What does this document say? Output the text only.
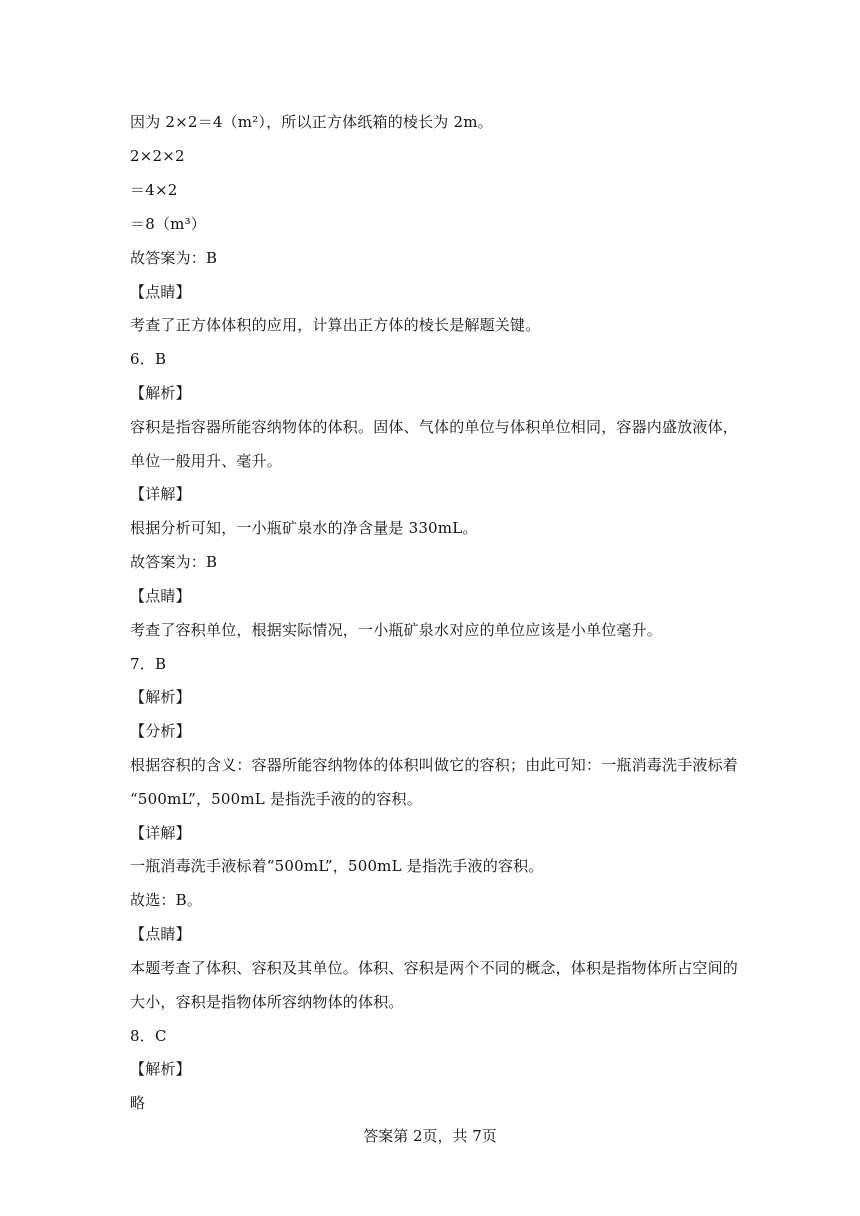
因为 2×2＝4（m²），所以正方体纸箱的棱长为 2m。
2×2×2
＝4×2
＝8（m³）
故答案为：B
【点睛】
考查了正方体体积的应用，计算出正方体的棱长是解题关键。
6．B
【解析】
容积是指容器所能容纳物体的体积。固体、气体的单位与体积单位相同，容器内盛放液体，
单位一般用升、毫升。
【详解】
根据分析可知，一小瓶矿泉水的净含量是 330mL。
故答案为：B
【点睛】
考查了容积单位，根据实际情况，一小瓶矿泉水对应的单位应该是小单位毫升。
7．B
【解析】
【分析】
根据容积的含义：容器所能容纳物体的体积叫做它的容积；由此可知：一瓶消毒洗手液标着
“500mL”，500mL 是指洗手液的的容积。
【详解】
一瓶消毒洗手液标着“500mL”，500mL 是指洗手液的容积。
故选：B。
【点睛】
本题考查了体积、容积及其单位。体积、容积是两个不同的概念，体积是指物体所占空间的
大小，容积是指物体所容纳物体的体积。
8．C
【解析】
略
答案第 2页，共 7页
